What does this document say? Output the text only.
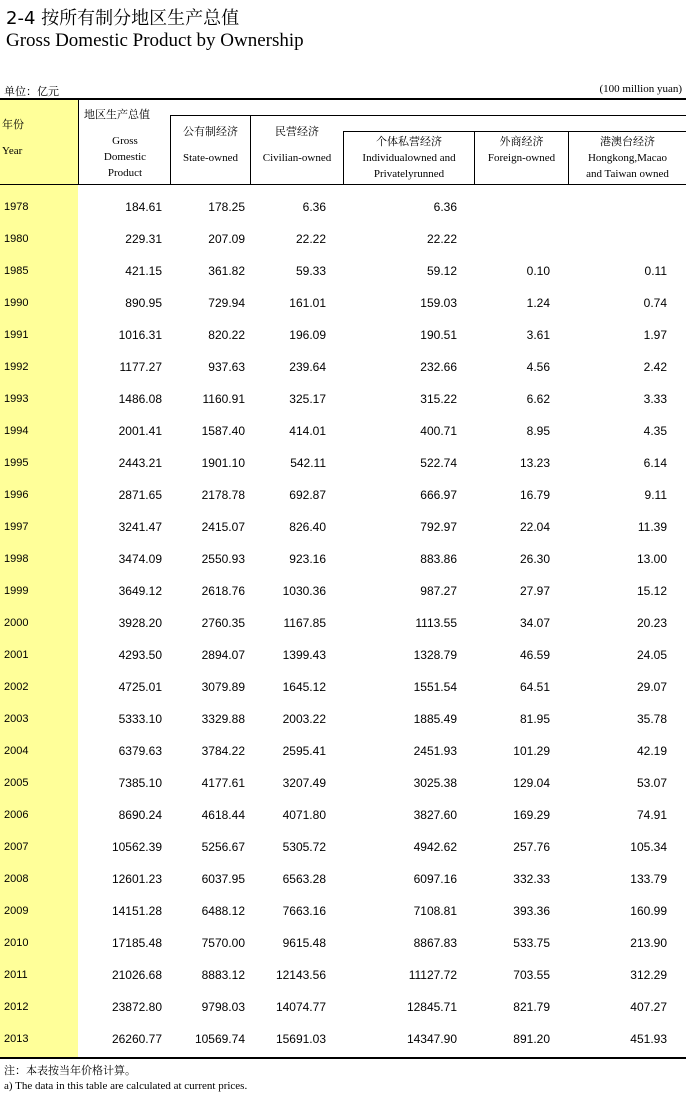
2-4 按所有制分地区生产总值
Gross Domestic Product by Ownership
单位：亿元	(100 million yuan)
年份
Year
地区生产总值
Gross
Domestic
Product
公有制经济
State-owned
民营经济
Civilian-owned
个体私营经济
Individualowned and
Privatelyrunned
外商经济
Foreign-owned
港澳台经济
Hongkong,Macao
and Taiwan owned
1978	184.61	178.25	6.36	6.36
1980	229.31	207.09	22.22	22.22
1985	421.15	361.82	59.33	59.12	0.10	0.11
1990	890.95	729.94	161.01	159.03	1.24	0.74
1991	1016.31	820.22	196.09	190.51	3.61	1.97
1992	1177.27	937.63	239.64	232.66	4.56	2.42
1993	1486.08	1160.91	325.17	315.22	6.62	3.33
1994	2001.41	1587.40	414.01	400.71	8.95	4.35
1995	2443.21	1901.10	542.11	522.74	13.23	6.14
1996	2871.65	2178.78	692.87	666.97	16.79	9.11
1997	3241.47	2415.07	826.40	792.97	22.04	11.39
1998	3474.09	2550.93	923.16	883.86	26.30	13.00
1999	3649.12	2618.76	1030.36	987.27	27.97	15.12
2000	3928.20	2760.35	1167.85	1113.55	34.07	20.23
2001	4293.50	2894.07	1399.43	1328.79	46.59	24.05
2002	4725.01	3079.89	1645.12	1551.54	64.51	29.07
2003	5333.10	3329.88	2003.22	1885.49	81.95	35.78
2004	6379.63	3784.22	2595.41	2451.93	101.29	42.19
2005	7385.10	4177.61	3207.49	3025.38	129.04	53.07
2006	8690.24	4618.44	4071.80	3827.60	169.29	74.91
2007	10562.39	5256.67	5305.72	4942.62	257.76	105.34
2008	12601.23	6037.95	6563.28	6097.16	332.33	133.79
2009	14151.28	6488.12	7663.16	7108.81	393.36	160.99
2010	17185.48	7570.00	9615.48	8867.83	533.75	213.90
2011	21026.68	8883.12	12143.56	11127.72	703.55	312.29
2012	23872.80	9798.03	14074.77	12845.71	821.79	407.27
2013	26260.77	10569.74	15691.03	14347.90	891.20	451.93
注：本表按当年价格计算。
a) The data in this table are calculated at current prices.
